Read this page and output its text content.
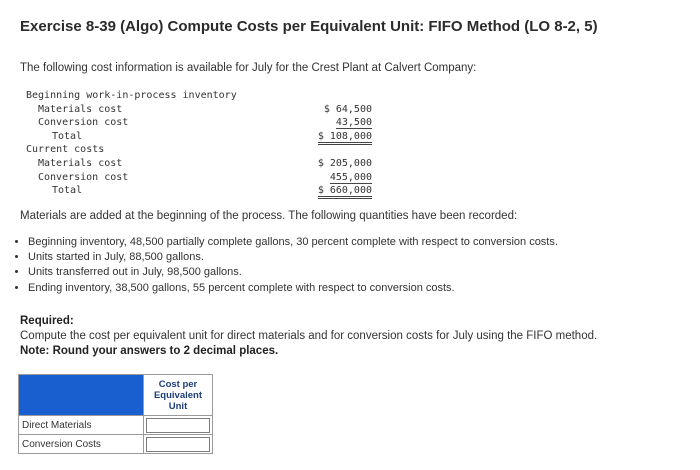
Exercise 8-39 (Algo) Compute Costs per Equivalent Unit: FIFO Method (LO 8-2, 5)
The following cost information is available for July for the Crest Plant at Calvert Company:
Beginning work-in-process inventory
Materials cost	$ 64,500
Conversion cost	43,500
Total	$ 108,000
Current costs
Materials cost	$ 205,000
Conversion cost	455,000
Total	$ 660,000
Materials are added at the beginning of the process. The following quantities have been recorded:
• Beginning inventory, 48,500 partially complete gallons, 30 percent complete with respect to conversion costs.
• Units started in July, 88,500 gallons.
• Units transferred out in July, 98,500 gallons.
• Ending inventory, 38,500 gallons, 55 percent complete with respect to conversion costs.
Required:
Compute the cost per equivalent unit for direct materials and for conversion costs for July using the FIFO method.
Note: Round your answers to 2 decimal places.

	Cost per
Equivalent
Unit

Direct Materials	
Conversion Costs	
